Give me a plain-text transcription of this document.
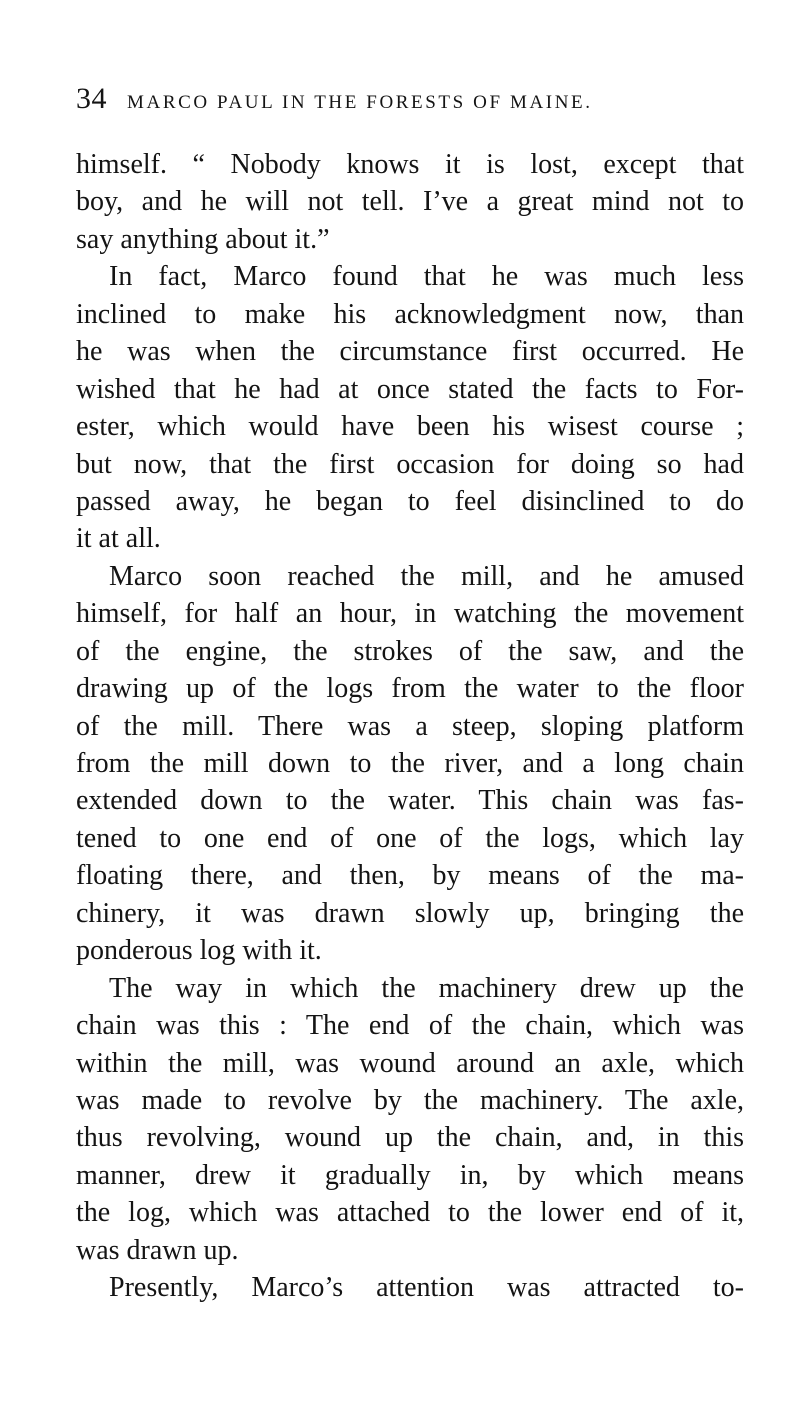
34 MARCO PAUL IN THE FORESTS OF MAINE.
himself. “ Nobody knows it is lost, except that
boy, and he will not tell. I’ve a great mind not to
say anything about it.”
In fact, Marco found that he was much less
inclined to make his acknowledgment now, than
he was when the circumstance first occurred. He
wished that he had at once stated the facts to For-
ester, which would have been his wisest course ;
but now, that the first occasion for doing so had
passed away, he began to feel disinclined to do
it at all.
Marco soon reached the mill, and he amused
himself, for half an hour, in watching the movement
of the engine, the strokes of the saw, and the
drawing up of the logs from the water to the floor
of the mill. There was a steep, sloping platform
from the mill down to the river, and a long chain
extended down to the water. This chain was fas-
tened to one end of one of the logs, which lay
floating there, and then, by means of the ma-
chinery, it was drawn slowly up, bringing the
ponderous log with it.
The way in which the machinery drew up the
chain was this : The end of the chain, which was
within the mill, was wound around an axle, which
was made to revolve by the machinery. The axle,
thus revolving, wound up the chain, and, in this
manner, drew it gradually in, by which means
the log, which was attached to the lower end of it,
was drawn up.
Presently, Marco’s attention was attracted to-
